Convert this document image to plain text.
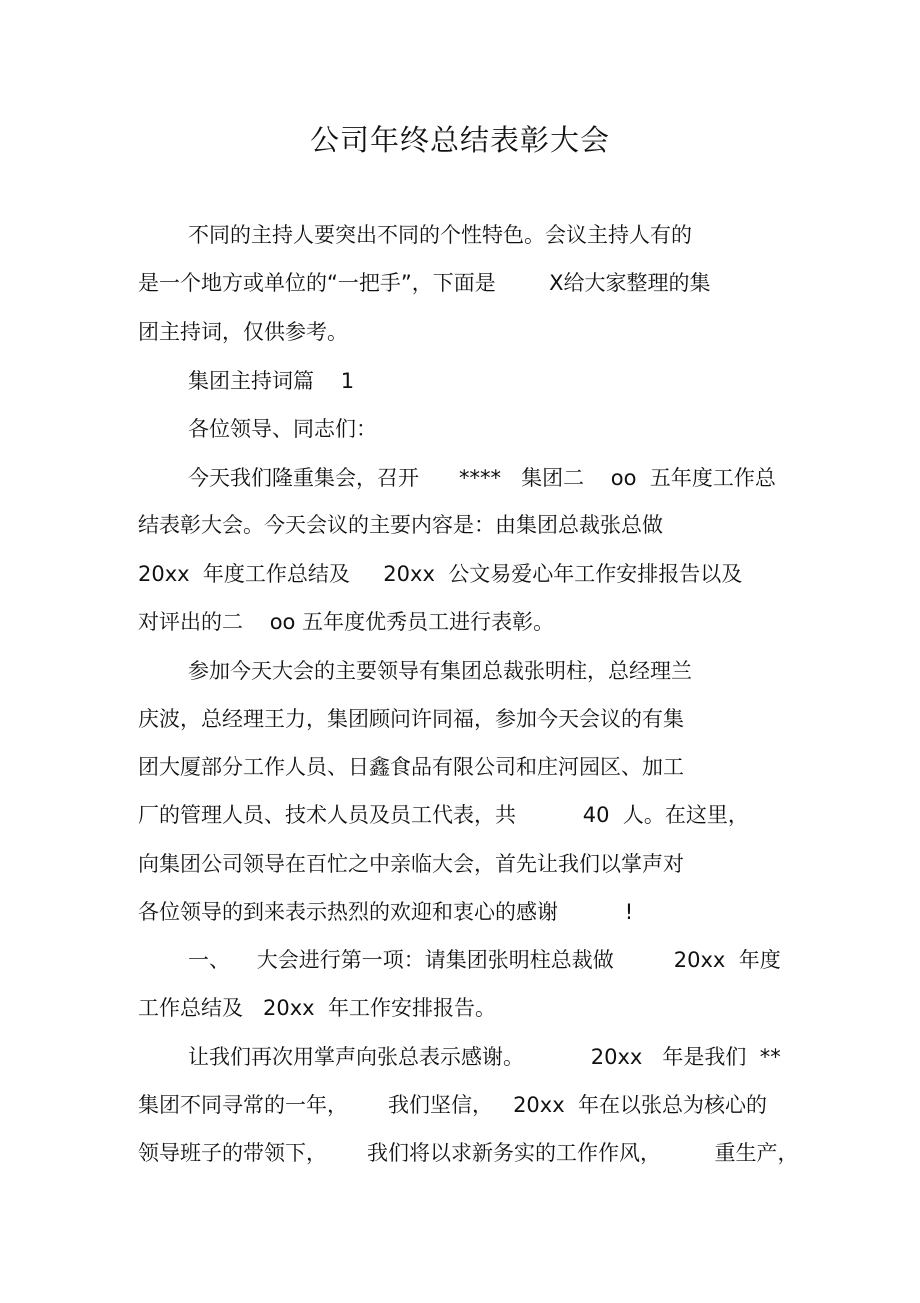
公司年终总结表彰大会
不同的主持人要突出不同的个性特色。会议主持人有的
是一个地方或单位的“一把手”，下面是        X给大家整理的集
团主持词，仅供参考。
集团主持词篇    1
各位领导、同志们：
今天我们隆重集会，召开      ****   集团二    oo  五年度工作总
结表彰大会。今天会议的主要内容是：由集团总裁张总做
20xx  年度工作总结及     20xx  公文易爱心年工作安排报告以及
对评出的二    oo 五年度优秀员工进行表彰。
参加今天大会的主要领导有集团总裁张明柱，总经理兰
庆波，总经理王力，集团顾问许同福，参加今天会议的有集
团大厦部分工作人员、日鑫食品有限公司和庄河园区、加工
厂的管理人员、技术人员及员工代表，共          40  人。在这里，
向集团公司领导在百忙之中亲临大会，首先让我们以掌声对
各位领导的到来表示热烈的欢迎和衷心的感谢          !
一、    大会进行第一项：请集团张明柱总裁做         20xx  年度
工作总结及   20xx  年工作安排报告。
让我们再次用掌声向张总表示感谢。          20xx   年是我们  **
集团不同寻常的一年，      我们坚信，   20xx  年在以张总为核心的
领导班子的带领下，      我们将以求新务实的工作作风，        重生产，
